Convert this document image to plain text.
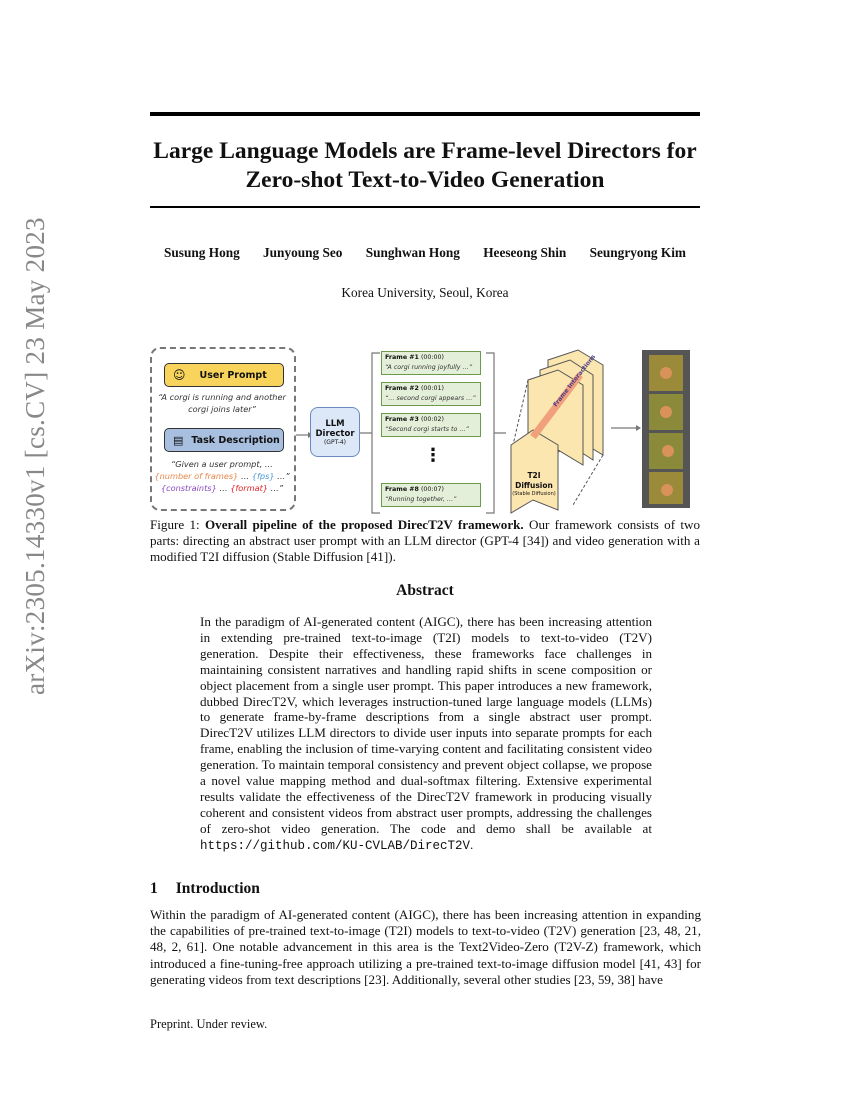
arXiv:2305.14330v1 [cs.CV] 23 May 2023
Large Language Models are Frame-level Directors for Zero-shot Text-to-Video Generation
Susung Hong Junyoung Seo Sunghwan Hong Heeseong Shin Seungryong Kim
Korea University, Seoul, Korea
☺ User Prompt
“A corgi is running and another corgi joins later”
▤ Task Description
“Given a user prompt, …
{number of frames} … {fps} …”
{constraints} … {format} …”
Frame Interactions
T2I Diffusion
(Stable Diffusion)
LLM Director
(GPT-4)
Frame #1 (00:00)
“A corgi running joyfully …”
Frame #2 (00:01)
“… second corgi appears …”
Frame #3 (00:02)
“Second corgi starts to …”
⋮
Frame #8 (00:07)
“Running together, …”
Figure 1: Overall pipeline of the proposed DirecT2V framework. Our framework consists of two parts: directing an abstract user prompt with an LLM director (GPT-4 [34]) and video generation with a modified T2I diffusion (Stable Diffusion [41]).
Abstract
In the paradigm of AI-generated content (AIGC), there has been increasing attention in extending pre-trained text-to-image (T2I) models to text-to-video (T2V) generation. Despite their effectiveness, these frameworks face challenges in maintaining consistent narratives and handling rapid shifts in scene composition or object placement from a single user prompt. This paper introduces a new framework, dubbed DirecT2V, which leverages instruction-tuned large language models (LLMs) to generate frame-by-frame descriptions from a single abstract user prompt. DirecT2V utilizes LLM directors to divide user inputs into separate prompts for each frame, enabling the inclusion of time-varying content and facilitating consistent video generation. To maintain temporal consistency and prevent object collapse, we propose a novel value mapping method and dual-softmax filtering. Extensive experimental results validate the effectiveness of the DirecT2V framework in producing visually coherent and consistent videos from abstract user prompts, addressing the challenges of zero-shot video generation. The code and demo shall be available at https://github.com/KU-CVLAB/DirecT2V.
1 Introduction
Within the paradigm of AI-generated content (AIGC), there has been increasing attention in expanding the capabilities of pre-trained text-to-image (T2I) models to text-to-video (T2V) generation [23, 48, 21, 48, 2, 61]. One notable advancement in this area is the Text2Video-Zero (T2V-Z) framework, which introduced a fine-tuning-free approach utilizing a pre-trained text-to-image diffusion model [41, 43] for generating videos from text descriptions [23]. Additionally, several other studies [23, 59, 38] have
Preprint. Under review.
